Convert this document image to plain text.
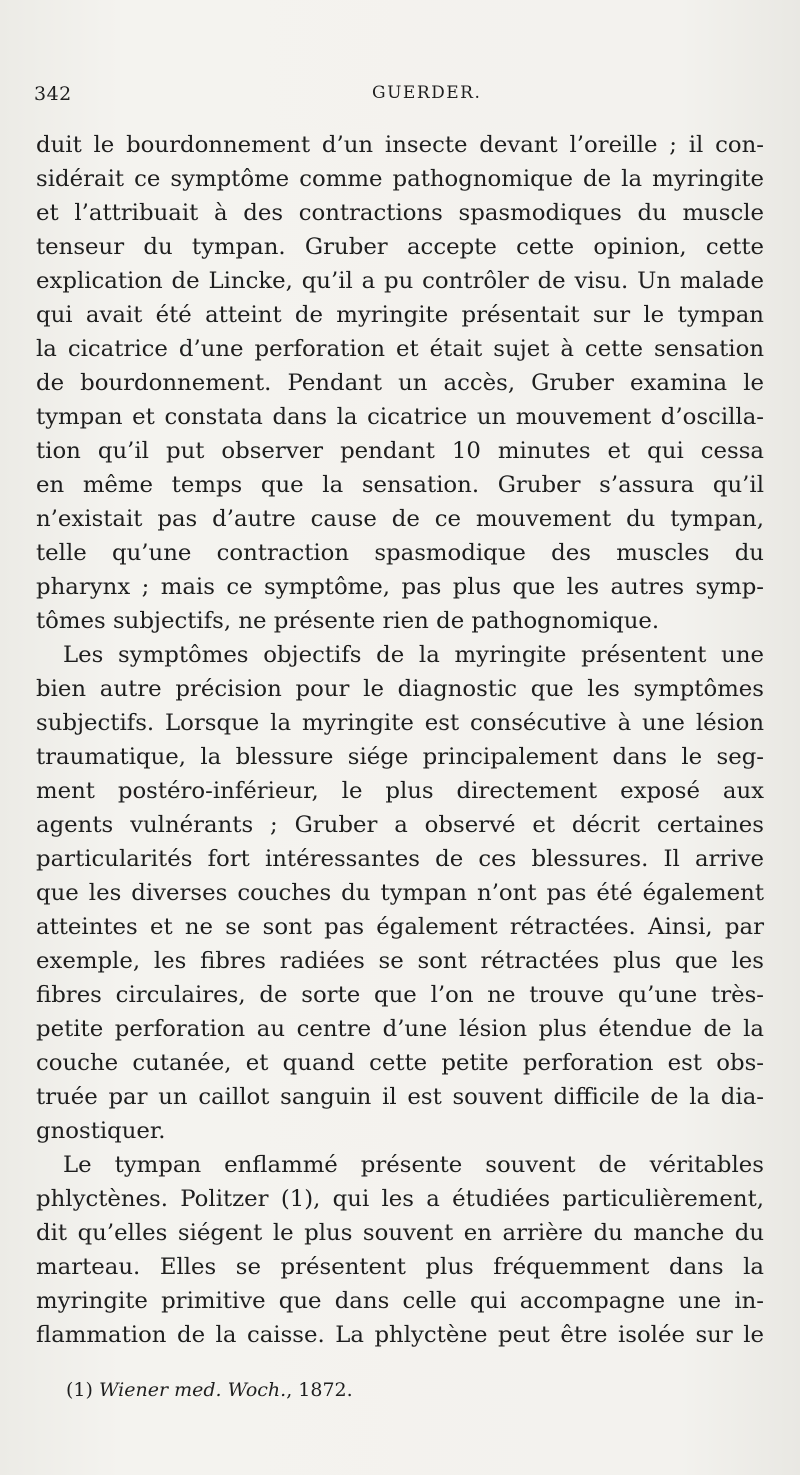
342	GUERDER.
duit le bourdonnement d’un insecte devant l’oreille ; il con-
sidérait ce symptôme comme pathognomique de la myringite
et l’attribuait à des contractions spasmodiques du muscle
tenseur du tympan. Gruber accepte cette opinion, cette
explication de Lincke, qu’il a pu contrôler de visu. Un malade
qui avait été atteint de myringite présentait sur le tympan
la cicatrice d’une perforation et était sujet à cette sensation
de bourdonnement. Pendant un accès, Gruber examina le
tympan et constata dans la cicatrice un mouvement d’oscilla-
tion qu’il put observer pendant 10 minutes et qui cessa
en même temps que la sensation. Gruber s’assura qu’il
n’existait pas d’autre cause de ce mouvement du tympan,
telle qu’une contraction spasmodique des muscles du
pharynx ; mais ce symptôme, pas plus que les autres symp-
tômes subjectifs, ne présente rien de pathognomique.
Les symptômes objectifs de la myringite présentent une
bien autre précision pour le diagnostic que les symptômes
subjectifs. Lorsque la myringite est consécutive à une lésion
traumatique, la blessure siége principalement dans le seg-
ment postéro-inférieur, le plus directement exposé aux
agents vulnérants ; Gruber a observé et décrit certaines
particularités fort intéressantes de ces blessures. Il arrive
que les diverses couches du tympan n’ont pas été également
atteintes et ne se sont pas également rétractées. Ainsi, par
exemple, les fibres radiées se sont rétractées plus que les
fibres circulaires, de sorte que l’on ne trouve qu’une très-
petite perforation au centre d’une lésion plus étendue de la
couche cutanée, et quand cette petite perforation est obs-
truée par un caillot sanguin il est souvent difficile de la dia-
gnostiquer.
Le tympan enflammé présente souvent de véritables
phlyctènes. Politzer (1), qui les a étudiées particulièrement,
dit qu’elles siégent le plus souvent en arrière du manche du
marteau. Elles se présentent plus fréquemment dans la
myringite primitive que dans celle qui accompagne une in-
flammation de la caisse. La phlyctène peut être isolée sur le
(1) Wiener med. Woch., 1872.
